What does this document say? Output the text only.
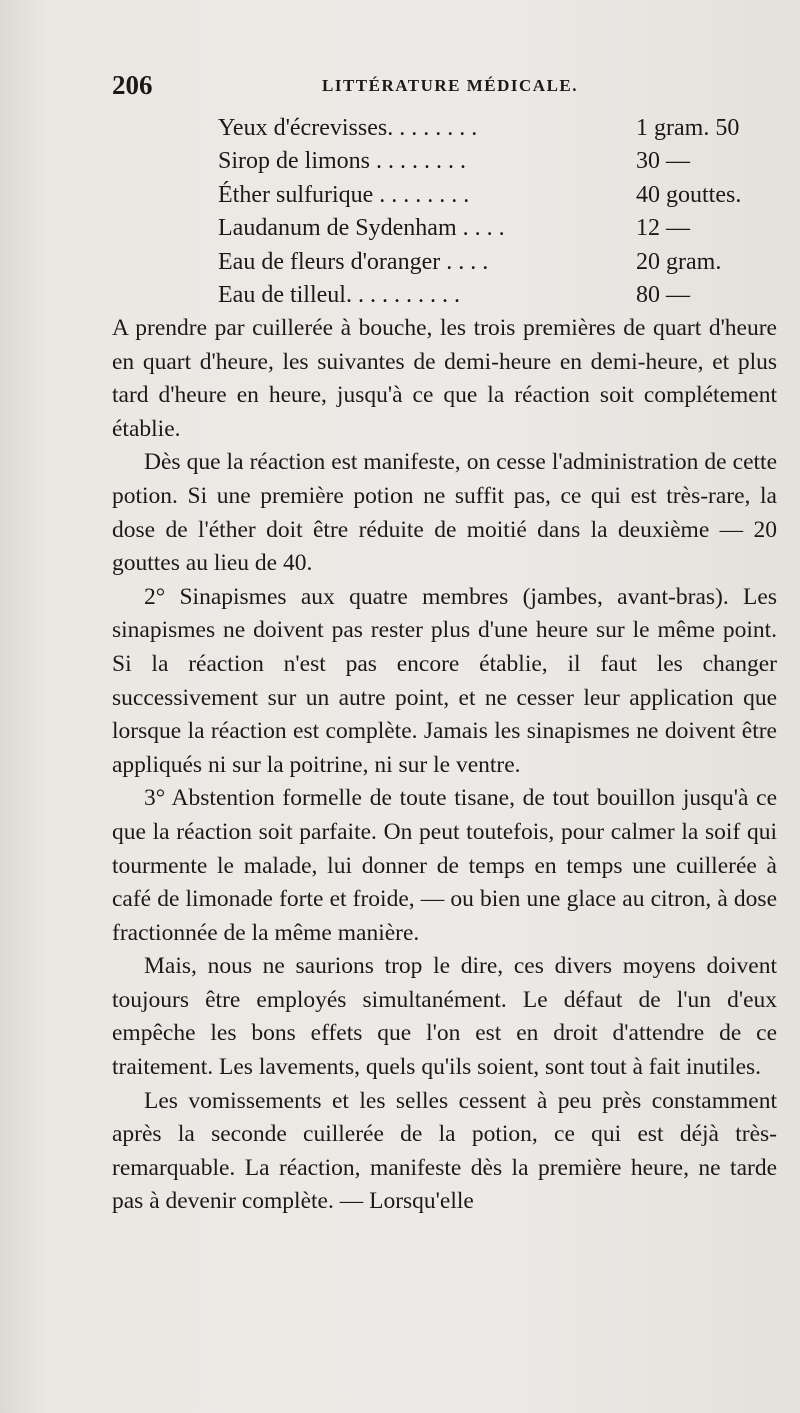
206	LITTÉRATURE MÉDICALE.
Yeux d'écrevisses. . . . . . . .	1 gram. 50
Sirop de limons . . . . . . . .	30 —
Éther sulfurique . . . . . . . .	40 gouttes.
Laudanum de Sydenham . . . .	12 —
Eau de fleurs d'oranger . . . .	20 gram.
Eau de tilleul. . . . . . . . . .	80 —

A prendre par cuillerée à bouche, les trois premières de quart d'heure en quart d'heure, les suivantes de demi-heure en demi-heure, et plus tard d'heure en heure, jusqu'à ce que la réaction soit complétement établie.

Dès que la réaction est manifeste, on cesse l'administration de cette potion. Si une première potion ne suffit pas, ce qui est très-rare, la dose de l'éther doit être réduite de moitié dans la deuxième — 20 gouttes au lieu de 40.

2° Sinapismes aux quatre membres (jambes, avant-bras). Les sinapismes ne doivent pas rester plus d'une heure sur le même point. Si la réaction n'est pas encore établie, il faut les changer successivement sur un autre point, et ne cesser leur application que lorsque la réaction est complète. Jamais les sinapismes ne doivent être appliqués ni sur la poitrine, ni sur le ventre.

3° Abstention formelle de toute tisane, de tout bouillon jusqu'à ce que la réaction soit parfaite. On peut toutefois, pour calmer la soif qui tourmente le malade, lui donner de temps en temps une cuillerée à café de limonade forte et froide, — ou bien une glace au citron, à dose fractionnée de la même manière.

Mais, nous ne saurions trop le dire, ces divers moyens doivent toujours être employés simultanément. Le défaut de l'un d'eux empêche les bons effets que l'on est en droit d'attendre de ce traitement. Les lavements, quels qu'ils soient, sont tout à fait inutiles.

Les vomissements et les selles cessent à peu près constamment après la seconde cuillerée de la potion, ce qui est déjà très-remarquable. La réaction, manifeste dès la première heure, ne tarde pas à devenir complète. — Lorsqu'elle
